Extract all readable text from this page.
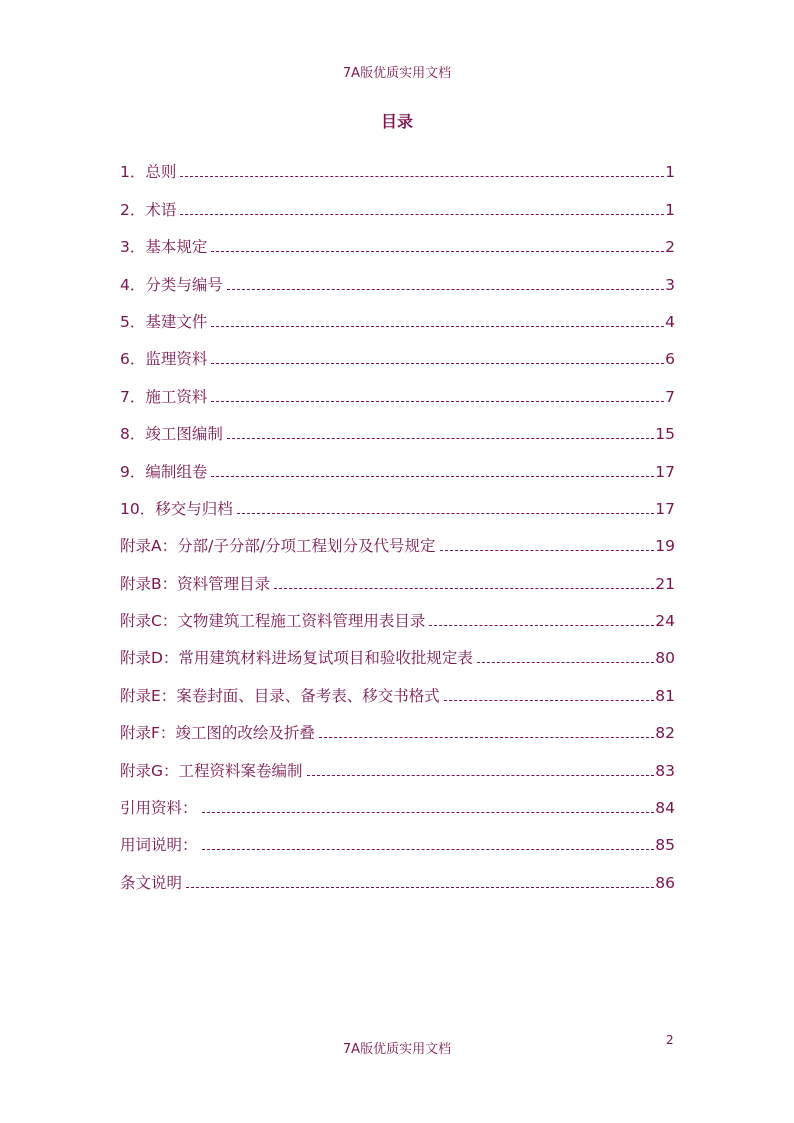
7A版优质实用文档
目录
1．总则	1
2．术语	1
3．基本规定	2
4．分类与编号	3
5．基建文件	4
6．监理资料	6
7．施工资料	7
8．竣工图编制	15
9．编制组卷	17
10．移交与归档	17
附录A：分部/子分部/分项工程划分及代号规定	19
附录B：资料管理目录	21
附录C：文物建筑工程施工资料管理用表目录	24
附录D：常用建筑材料进场复试项目和验收批规定表	80
附录E：案卷封面、目录、备考表、移交书格式	81
附录F：竣工图的改绘及折叠	82
附录G：工程资料案卷编制	83
引用资料：	84
用词说明：	85
条文说明	86
7A版优质实用文档
2
